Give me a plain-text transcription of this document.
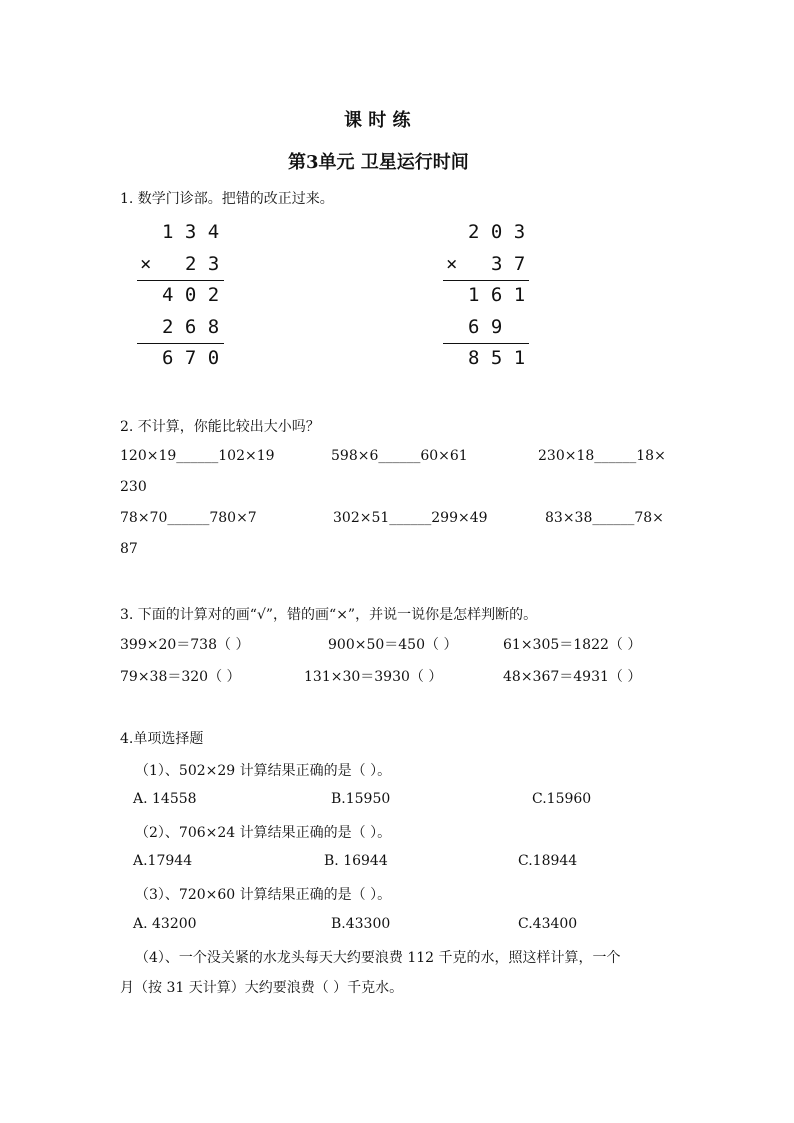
课 时 练
第3单元 卫星运行时间
1. 数学门诊部。把错的改正过来。
1 3 4
× 2 3
4 0 2
2 6 8
6 7 0
2 0 3
× 3 7
1 6 1
6 9
8 5 1
2. 不计算，你能比较出大小吗？
120×19______102×19	598×6______60×61	230×18______18×
230
78×70______780×7	302×51______299×49	83×38______78×
87
3. 下面的计算对的画“√”，错的画“×”，并说一说你是怎样判断的。
399×20＝738（ ）	900×50＝450（ ）	61×305＝1822（ ）
79×38＝320（ ）	131×30＝3930（ ）	48×367＝4931（ ）
4.单项选择题
（1）、502×29 计算结果正确的是（ ）。
A. 14558	B.15950	C.15960
（2）、706×24 计算结果正确的是（ ）。
A.17944	B. 16944	C.18944
（3）、720×60 计算结果正确的是（ ）。
A. 43200	B.43300	C.43400
（4）、一个没关紧的水龙头每天大约要浪费 112 千克的水，照这样计算，一个
月（按 31 天计算）大约要浪费（ ）千克水。
